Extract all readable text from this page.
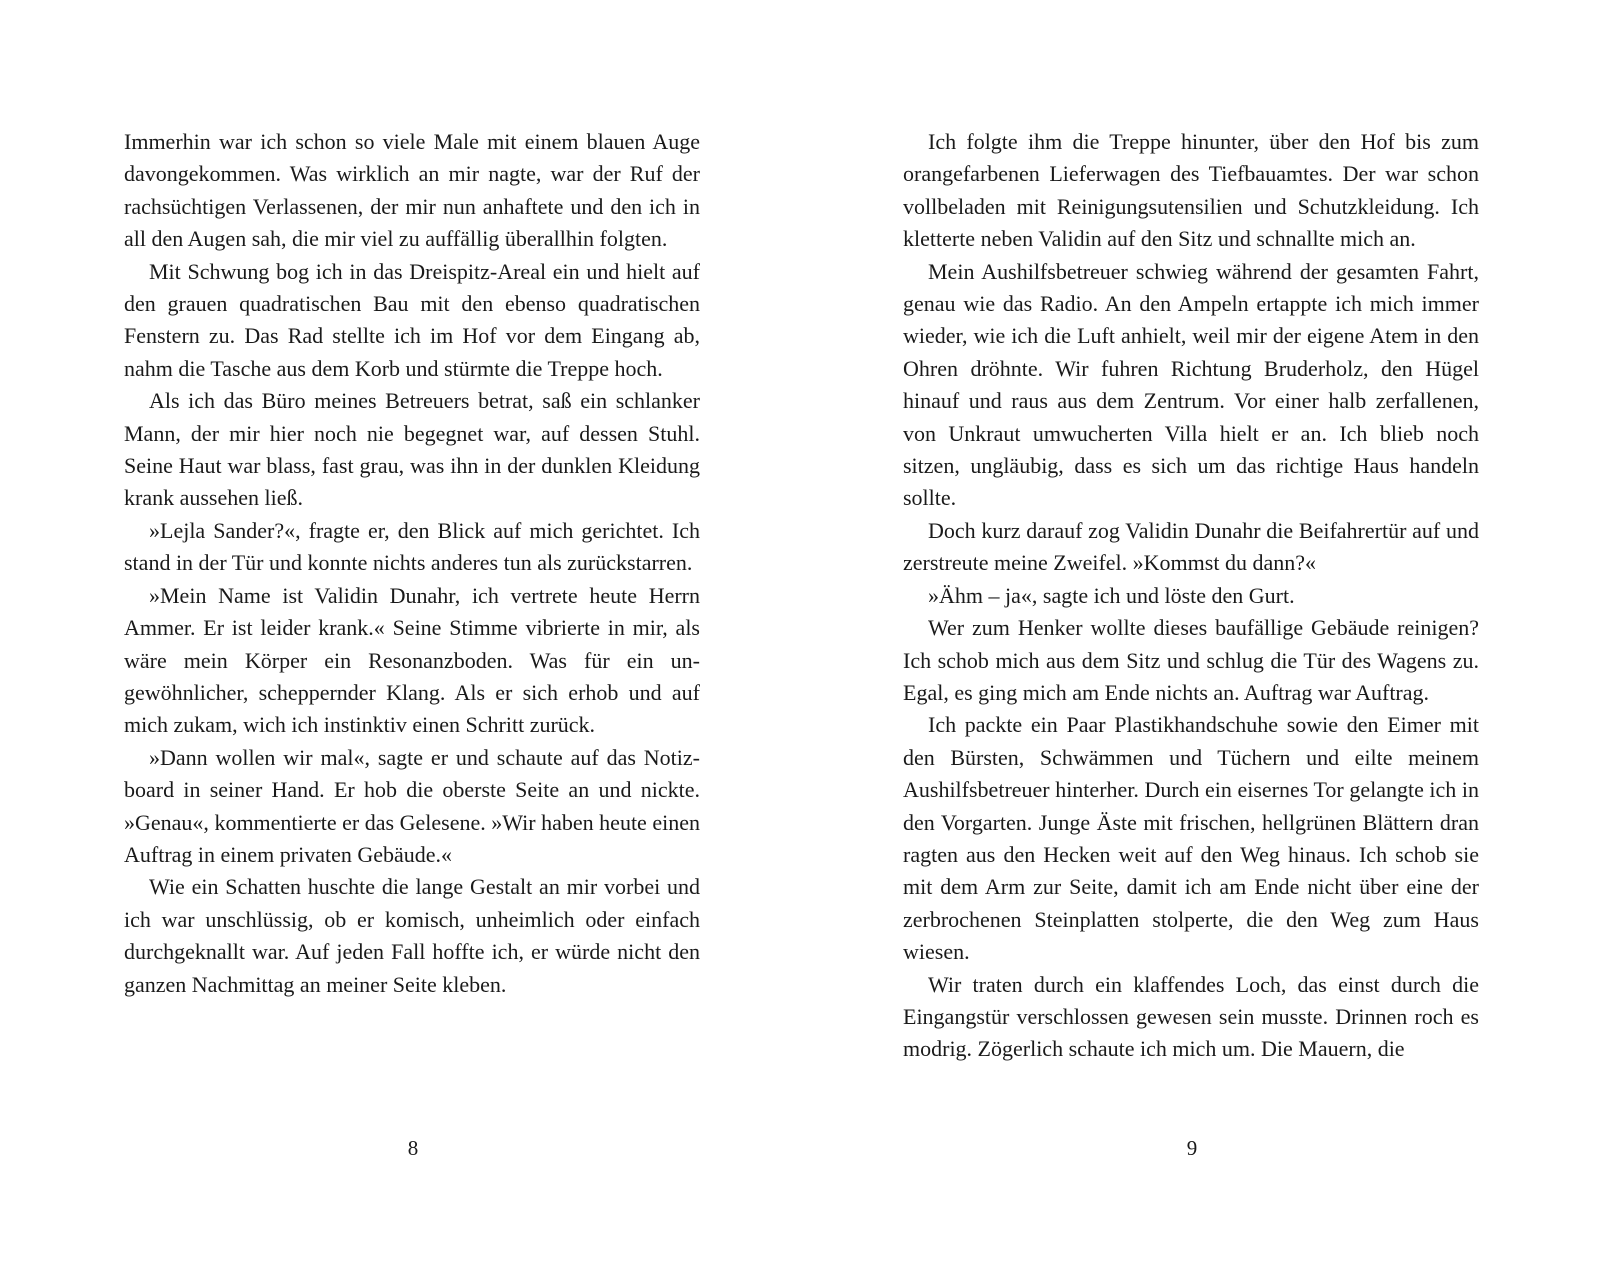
Immerhin war ich schon so viele Male mit einem blauen Auge davongekommen. Was wirklich an mir nagte, war der Ruf der rachsüchtigen Verlassenen, der mir nun anhaftete und den ich in all den Augen sah, die mir viel zu auffällig überallhin folgten.

Mit Schwung bog ich in das Dreispitz-Areal ein und hielt auf den grauen quadratischen Bau mit den ebenso quadratischen Fenstern zu. Das Rad stellte ich im Hof vor dem Eingang ab, nahm die Tasche aus dem Korb und stürmte die Treppe hoch.

Als ich das Büro meines Betreuers betrat, saß ein schlanker Mann, der mir hier noch nie begegnet war, auf dessen Stuhl. Seine Haut war blass, fast grau, was ihn in der dunklen Kleidung krank aussehen ließ.

»Lejla Sander?«, fragte er, den Blick auf mich gerichtet. Ich stand in der Tür und konnte nichts anderes tun als zurückstarren.

»Mein Name ist Validin Dunahr, ich vertrete heute Herrn Ammer. Er ist leider krank.« Seine Stimme vibrierte in mir, als wäre mein Körper ein Resonanzboden. Was für ein ungewöhnlicher, scheppernder Klang. Als er sich erhob und auf mich zukam, wich ich instinktiv einen Schritt zurück.

»Dann wollen wir mal«, sagte er und schaute auf das Notizboard in seiner Hand. Er hob die oberste Seite an und nickte. »Genau«, kommentierte er das Gelesene. »Wir haben heute einen Auftrag in einem privaten Gebäude.«

Wie ein Schatten huschte die lange Gestalt an mir vorbei und ich war unschlüssig, ob er komisch, unheimlich oder einfach durchgeknallt war. Auf jeden Fall hoffte ich, er würde nicht den ganzen Nachmittag an meiner Seite kleben.

Ich folgte ihm die Treppe hinunter, über den Hof bis zum orangefarbenen Lieferwagen des Tiefbauamtes. Der war schon vollbeladen mit Reinigungsutensilien und Schutzkleidung. Ich kletterte neben Validin auf den Sitz und schnallte mich an.

Mein Aushilfsbetreuer schwieg während der gesamten Fahrt, genau wie das Radio. An den Ampeln ertappte ich mich immer wieder, wie ich die Luft anhielt, weil mir der eigene Atem in den Ohren dröhnte. Wir fuhren Richtung Bruderholz, den Hügel hinauf und raus aus dem Zentrum. Vor einer halb zerfallenen, von Unkraut umwucherten Villa hielt er an. Ich blieb noch sitzen, ungläubig, dass es sich um das richtige Haus handeln sollte.

Doch kurz darauf zog Validin Dunahr die Beifahrertür auf und zerstreute meine Zweifel. »Kommst du dann?«

»Ähm – ja«, sagte ich und löste den Gurt.

Wer zum Henker wollte dieses baufällige Gebäude reinigen? Ich schob mich aus dem Sitz und schlug die Tür des Wagens zu. Egal, es ging mich am Ende nichts an. Auftrag war Auftrag.

Ich packte ein Paar Plastikhandschuhe sowie den Eimer mit den Bürsten, Schwämmen und Tüchern und eilte meinem Aushilfsbetreuer hinterher. Durch ein eisernes Tor gelangte ich in den Vorgarten. Junge Äste mit frischen, hellgrünen Blättern dran ragten aus den Hecken weit auf den Weg hinaus. Ich schob sie mit dem Arm zur Seite, damit ich am Ende nicht über eine der zerbrochenen Steinplatten stolperte, die den Weg zum Haus wiesen.

Wir traten durch ein klaffendes Loch, das einst durch die Eingangstür verschlossen gewesen sein musste. Drinnen roch es modrig. Zögerlich schaute ich mich um. Die Mauern, die

8	9
